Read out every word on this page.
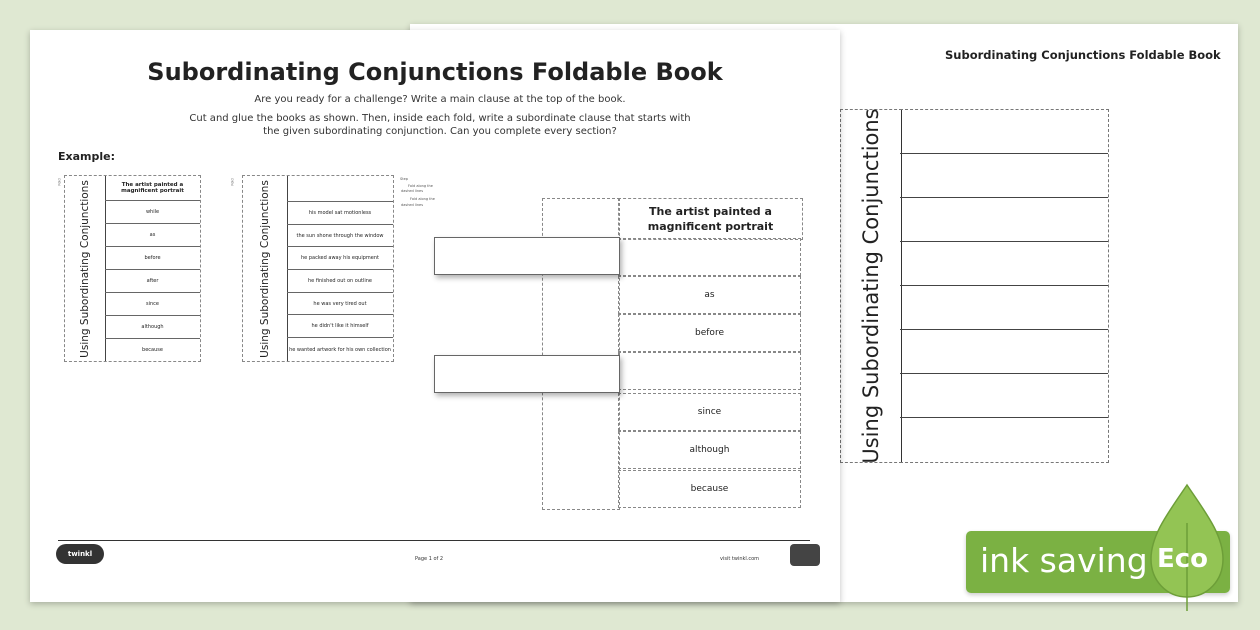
Subordinating Conjunctions Foldable Book
Using Subordinating Conjunctions
Subordinating Conjunctions Foldable Book
Are you ready for a challenge? Write a main clause at the top of the book.
Cut and glue the books as shown. Then, inside each fold, write a subordinate clause that starts with the given subordinating conjunction. Can you complete every section?
Example:
Fold Using Subordinating Conjunctions	The artist painted a magnificent portrait
while
as
before
after
since
although
because
Fold Using Subordinating Conjunctions	his model sat motionless
the sun shone through the window
he packed away his equipment
he finished out on outline
he was very tired out
he didn't like it himself
he wanted artwork for his own collection
Step
Fold along the
dashed lines
Fold along the
dashed lines	The artist painted a magnificent portrait
as
before
since
although
because
twinkl
Page 1 of 2	visit twinkl.com	ink saving Eco
